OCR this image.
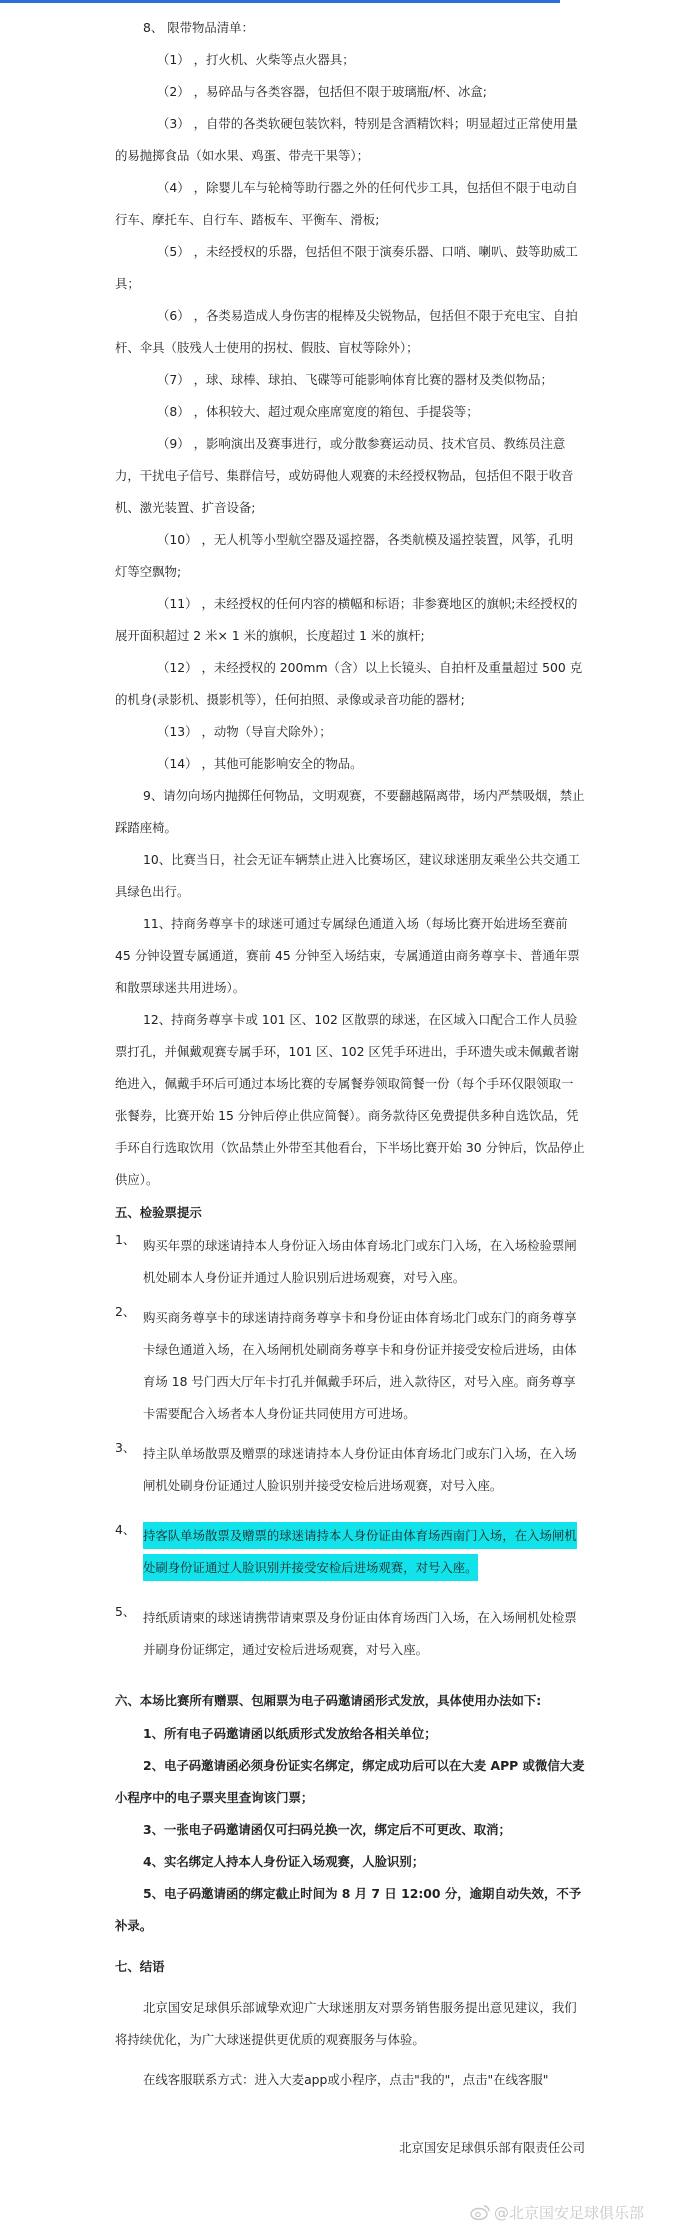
8、 限带物品清单：

（1） ，打火机、火柴等点火器具；

（2） ，易碎品与各类容器，包括但不限于玻璃瓶/杯、冰盒;

（3） ，自带的各类软硬包装饮料，特别是含酒精饮料；明显超过正常使用量的易抛掷食品（如水果、鸡蛋、带壳干果等）；

（4） ，除婴儿车与轮椅等助行器之外的任何代步工具，包括但不限于电动自行车、摩托车、自行车、踏板车、平衡车、滑板;

（5） ，未经授权的乐器，包括但不限于演奏乐器、口哨、喇叭、鼓等助威工具；

（6） ，各类易造成人身伤害的棍棒及尖锐物品，包括但不限于充电宝、自拍杆、伞具（肢残人士使用的拐杖、假肢、盲杖等除外）；

（7） ，球、球棒、球拍、飞碟等可能影响体育比赛的器材及类似物品；

（8） ，体积较大、超过观众座席宽度的箱包、手提袋等；

（9） ，影响演出及赛事进行，或分散参赛运动员、技术官员、教练员注意力，干扰电子信号、集群信号，或妨碍他人观赛的未经授权物品，包括但不限于收音机、激光装置、扩音设备;

（10） ，无人机等小型航空器及遥控器，各类航模及遥控装置，风筝，孔明灯等空飘物;

（11） ，未经授权的任何内容的横幅和标语；非参赛地区的旗帜;未经授权的展开面积超过 2 米× 1 米的旗帜，长度超过 1 米的旗杆;

（12） ，未经授权的 200mm（含）以上长镜头、自拍杆及重量超过 500 克的机身(录影机、摄影机等），任何拍照、录像或录音功能的器材;

（13） ，动物（导盲犬除外）；

（14） ，其他可能影响安全的物品。

9、请勿向场内抛掷任何物品，文明观赛，不要翻越隔离带，场内严禁吸烟，禁止踩踏座椅。

10、比赛当日，社会无证车辆禁止进入比赛场区，建议球迷朋友乘坐公共交通工具绿色出行。

11、持商务尊享卡的球迷可通过专属绿色通道入场（每场比赛开始进场至赛前 45 分钟设置专属通道，赛前 45 分钟至入场结束，专属通道由商务尊享卡、普通年票和散票球迷共用进场）。

12、持商务尊享卡或 101 区、102 区散票的球迷，在区域入口配合工作人员验票打孔，并佩戴观赛专属手环，101 区、102 区凭手环进出，手环遗失或未佩戴者谢绝进入，佩戴手环后可通过本场比赛的专属餐券领取简餐一份（每个手环仅限领取一张餐券，比赛开始 15 分钟后停止供应简餐）。商务款待区免费提供多种自选饮品，凭手环自行选取饮用（饮品禁止外带至其他看台，下半场比赛开始 30 分钟后，饮品停止供应）。

五、检验票提示

1、 购买年票的球迷请持本人身份证入场由体育场北门或东门入场，在入场检验票闸机处刷本人身份证并通过人脸识别后进场观赛，对号入座。

2、 购买商务尊享卡的球迷请持商务尊享卡和身份证由体育场北门或东门的商务尊享卡绿色通道入场，在入场闸机处刷商务尊享卡和身份证并接受安检后进场，由体育场 18 号门西大厅年卡打孔并佩戴手环后，进入款待区，对号入座。商务尊享卡需要配合入场者本人身份证共同使用方可进场。

3、 持主队单场散票及赠票的球迷请持本人身份证由体育场北门或东门入场，在入场闸机处刷身份证通过人脸识别并接受安检后进场观赛，对号入座。

4、 持客队单场散票及赠票的球迷请持本人身份证由体育场西南门入场，在入场闸机处刷身份证通过人脸识别并接受安检后进场观赛，对号入座。

5、 持纸质请柬的球迷请携带请柬票及身份证由体育场西门入场，在入场闸机处检票并刷身份证绑定，通过安检后进场观赛，对号入座。

六、本场比赛所有赠票、包厢票为电子码邀请函形式发放，具体使用办法如下:

1、所有电子码邀请函以纸质形式发放给各相关单位；

2、电子码邀请函必须身份证实名绑定，绑定成功后可以在大麦 APP 或微信大麦小程序中的电子票夹里查询该门票；

3、一张电子码邀请函仅可扫码兑换一次，绑定后不可更改、取消；

4、实名绑定人持本人身份证入场观赛，人脸识别；

5、电子码邀请函的绑定截止时间为 8 月 7 日 12:00 分，逾期自动失效，不予补录。

七、结语

北京国安足球俱乐部诚挚欢迎广大球迷朋友对票务销售服务提出意见建议，我们将持续优化，为广大球迷提供更优质的观赛服务与体验。

在线客服联系方式：进入大麦app或小程序，点击"我的"，点击"在线客服"

北京国安足球俱乐部有限责任公司

@北京国安足球俱乐部
